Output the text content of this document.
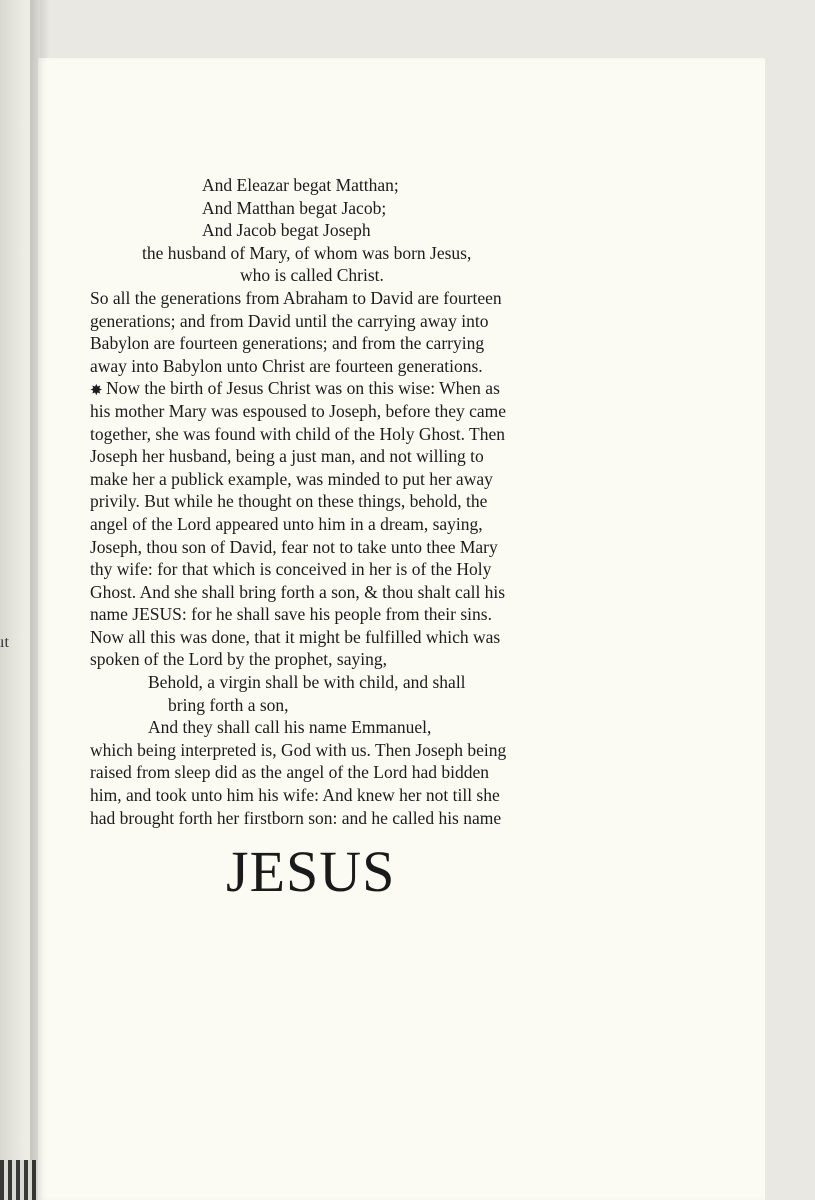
ıt
And Eleazar begat Matthan;
And Matthan begat Jacob;
And Jacob begat Joseph
the husband of Mary, of whom was born Jesus,
who is called Christ.
So all the generations from Abraham to David are fourteen
generations; and from David until the carrying away into
Babylon are fourteen generations; and from the carrying
away into Babylon unto Christ are fourteen generations.
✸ Now the birth of Jesus Christ was on this wise: When as
his mother Mary was espoused to Joseph, before they came
together, she was found with child of the Holy Ghost. Then
Joseph her husband, being a just man, and not willing to
make her a publick example, was minded to put her away
privily. But while he thought on these things, behold, the
angel of the Lord appeared unto him in a dream, saying,
Joseph, thou son of David, fear not to take unto thee Mary
thy wife: for that which is conceived in her is of the Holy
Ghost. And she shall bring forth a son, & thou shalt call his
name JESUS: for he shall save his people from their sins.
Now all this was done, that it might be fulfilled which was
spoken of the Lord by the prophet, saying,
Behold, a virgin shall be with child, and shall
bring forth a son,
And they shall call his name Emmanuel,
which being interpreted is, God with us. Then Joseph being
raised from sleep did as the angel of the Lord had bidden
him, and took unto him his wife: And knew her not till she
had brought forth her firstborn son: and he called his name
JESUS
